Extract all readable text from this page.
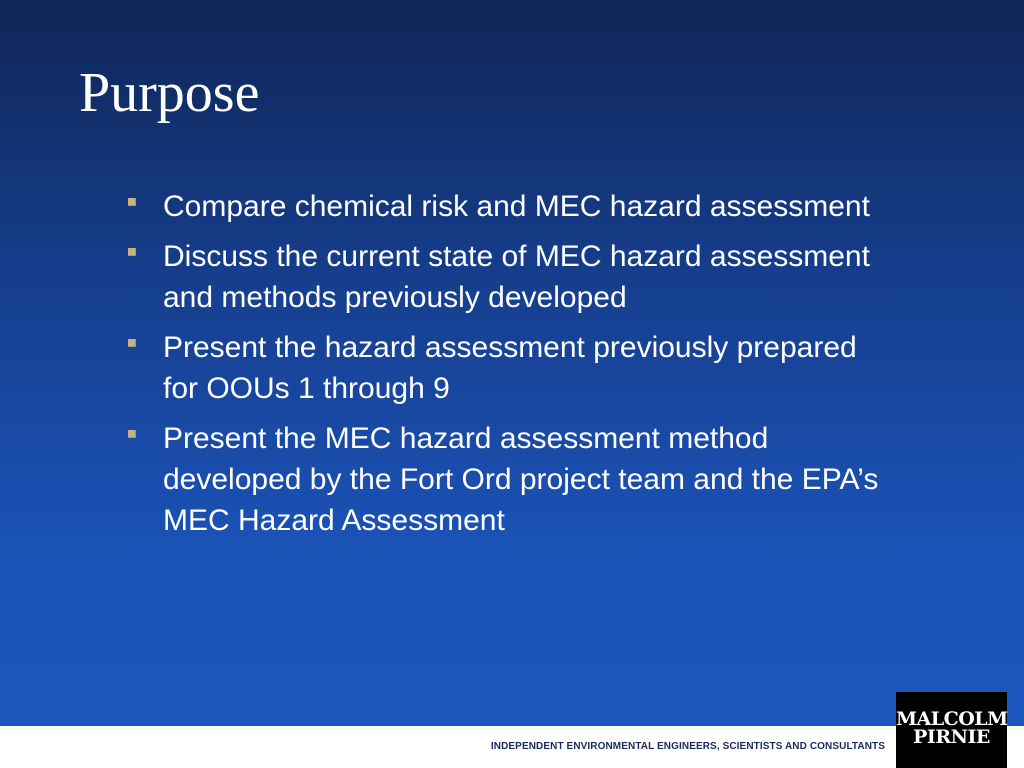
Purpose
Compare chemical risk and MEC hazard assessment
Discuss the current state of MEC hazard assessment and methods previously developed
Present the hazard assessment previously prepared for OOUs 1 through 9
Present the MEC hazard assessment method developed by the Fort Ord project team and the EPA’s MEC Hazard Assessment
INDEPENDENT ENVIRONMENTAL ENGINEERS, SCIENTISTS AND CONSULTANTS
MALCOLM
PIRNIE
